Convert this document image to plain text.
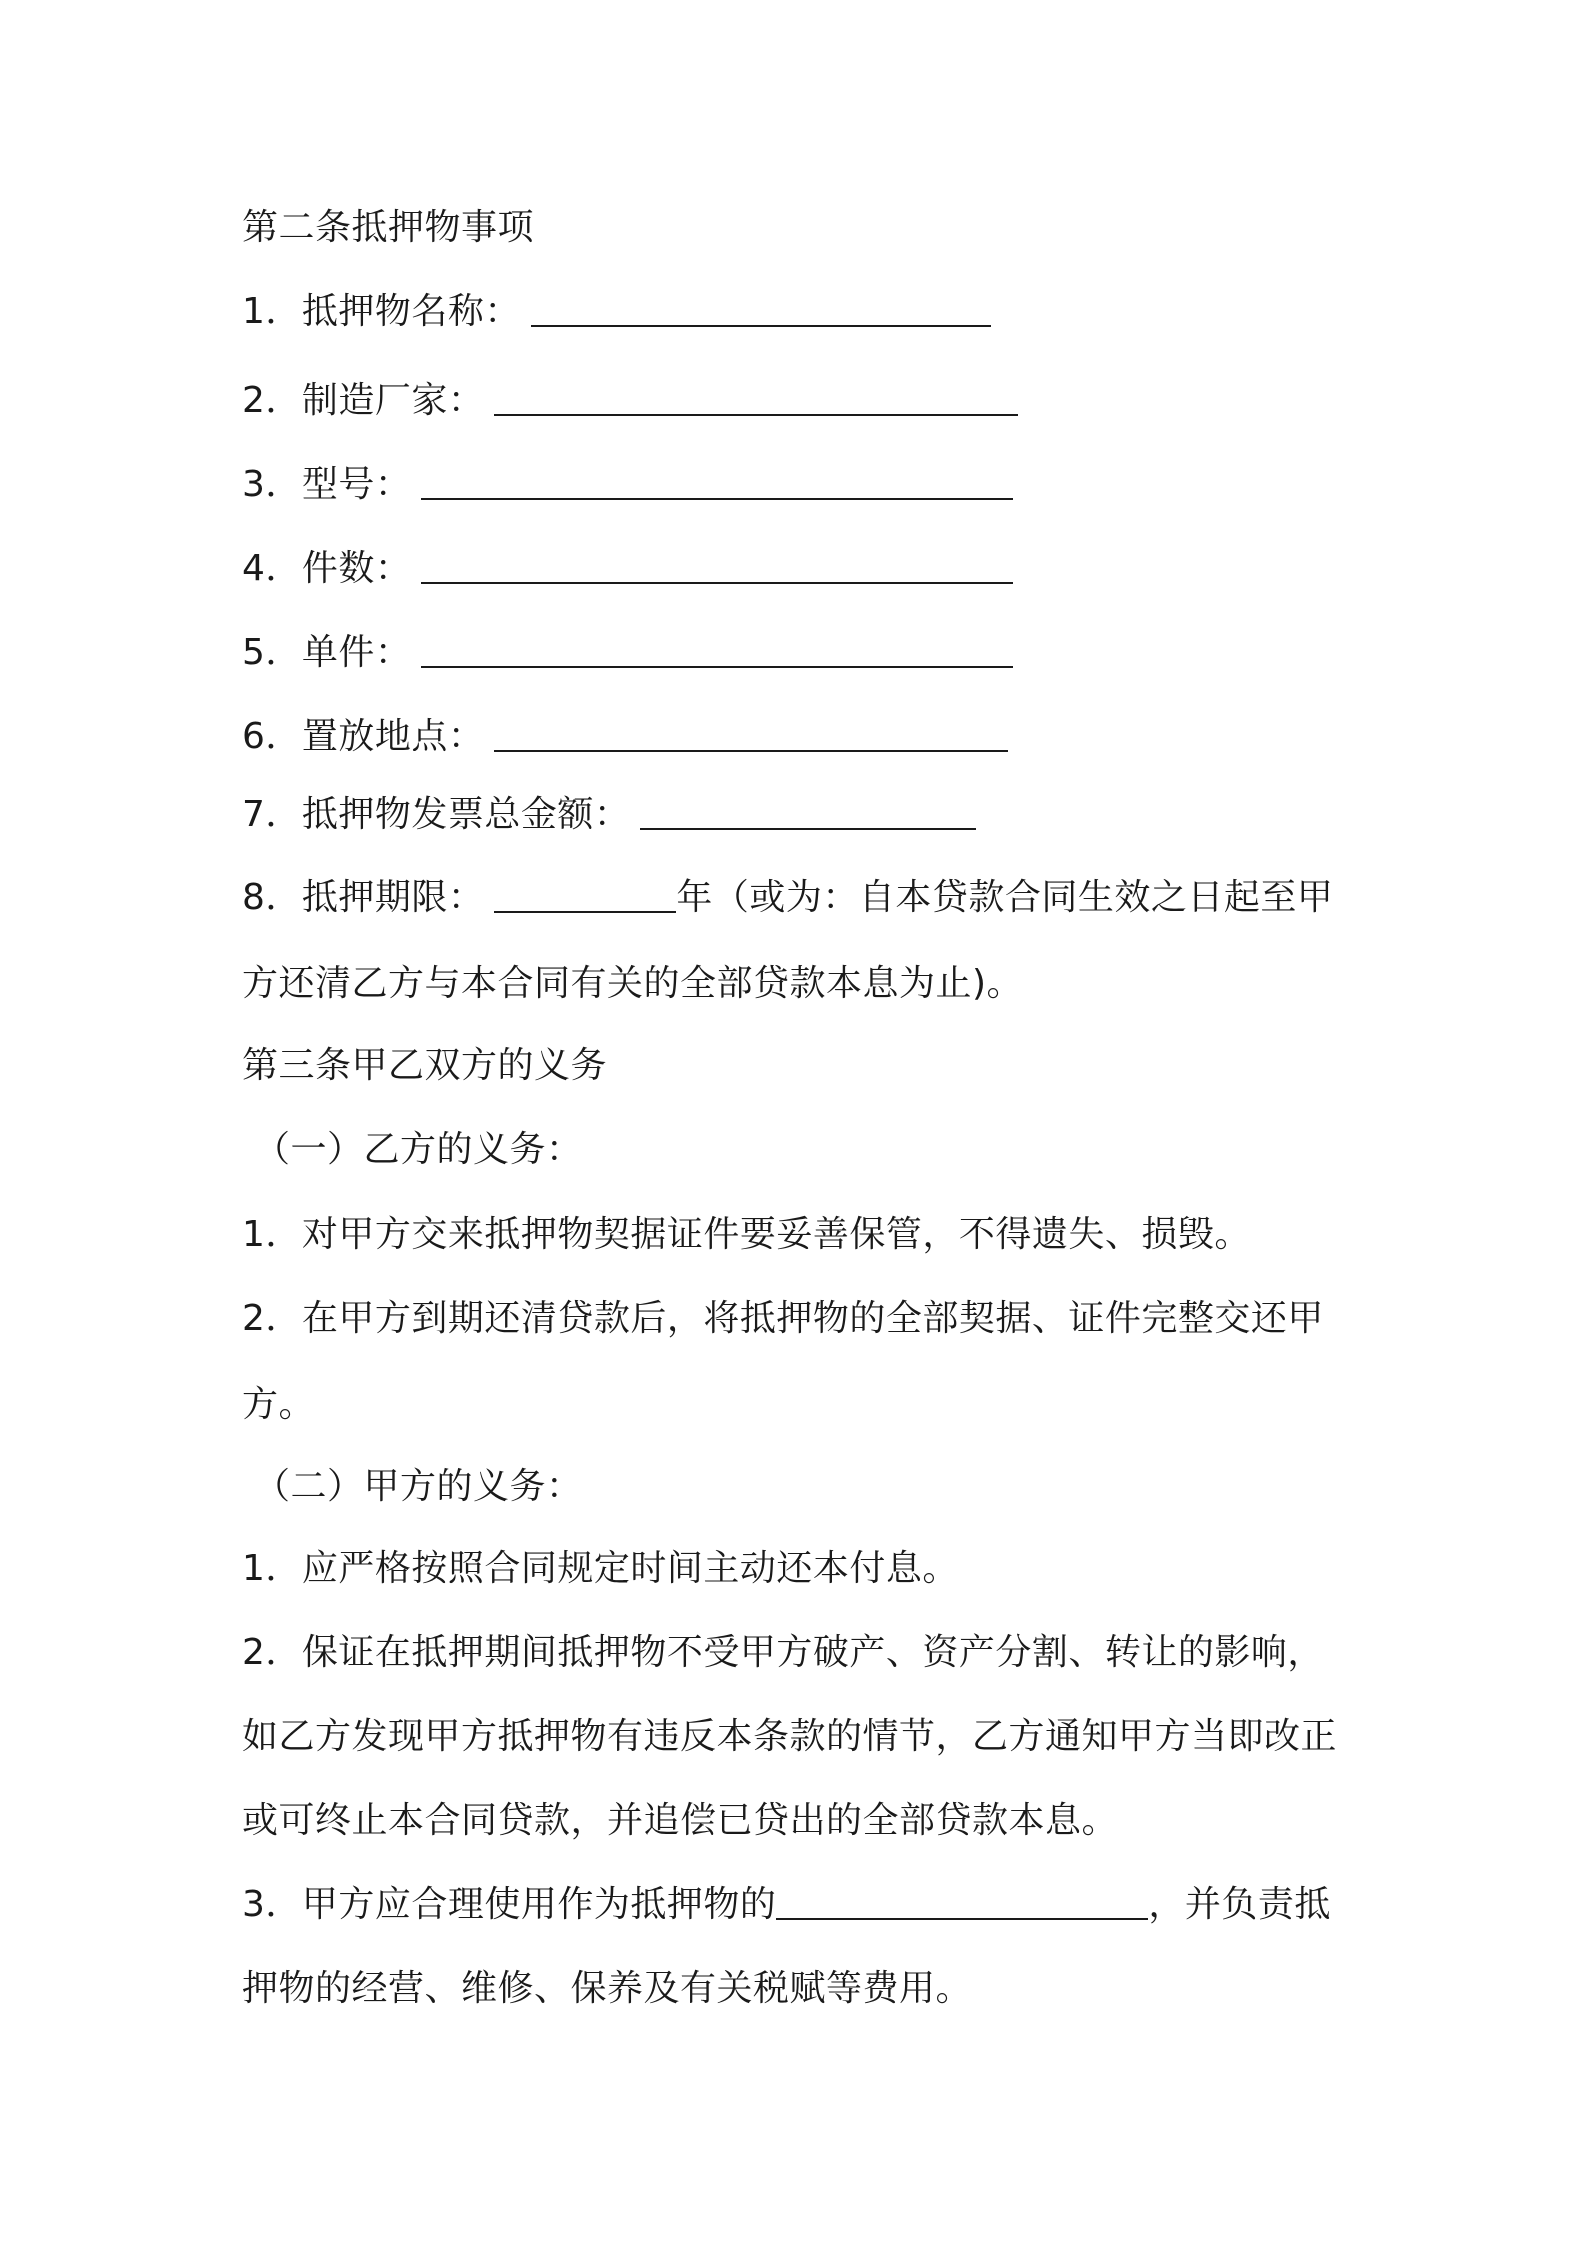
第二条抵押物事项
1．抵押物名称：
2．制造厂家：
3．型号：
4．件数：
5．单件：
6．置放地点：
7．抵押物发票总金额：
8．抵押期限：	年（或为：自本贷款合同生效之日起至甲
方还清乙方与本合同有关的全部贷款本息为止)。
第三条甲乙双方的义务
（一）乙方的义务：
1．对甲方交来抵押物契据证件要妥善保管，不得遗失、损毁。
2．在甲方到期还清贷款后，将抵押物的全部契据、证件完整交还甲
方。
（二）甲方的义务：
1．应严格按照合同规定时间主动还本付息。
2．保证在抵押期间抵押物不受甲方破产、资产分割、转让的影响，
如乙方发现甲方抵押物有违反本条款的情节，乙方通知甲方当即改正
或可终止本合同贷款，并追偿已贷出的全部贷款本息。
3．甲方应合理使用作为抵押物的	，并负责抵
押物的经营、维修、保养及有关税赋等费用。
